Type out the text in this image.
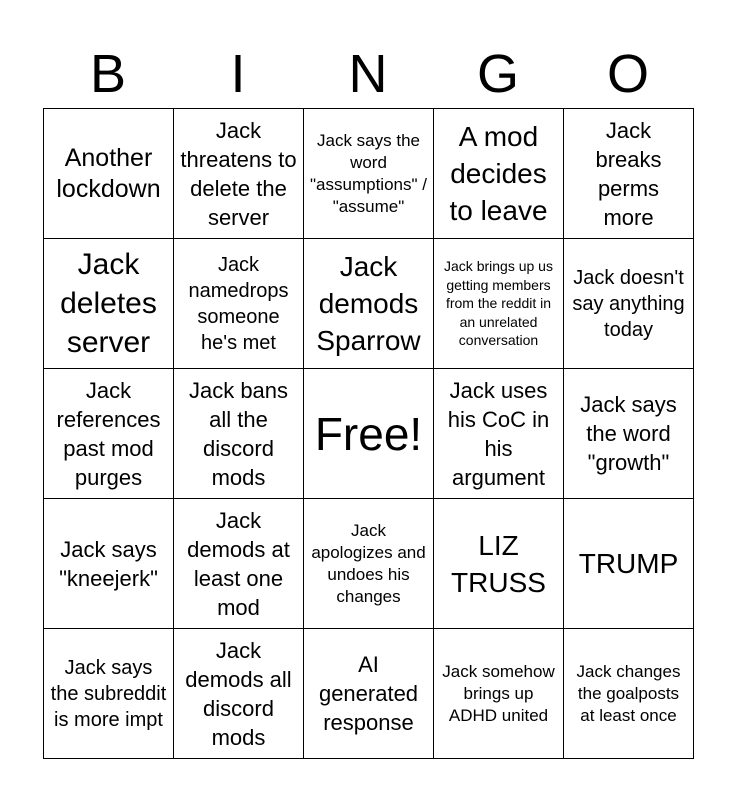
B	I	N	G	O
Another lockdown
Jack threatens to delete the server
Jack says the word "assumptions" / "assume"
A mod decides to leave
Jack breaks perms more
Jack deletes server
Jack namedrops someone he's met
Jack demods Sparrow
Jack brings up us getting members from the reddit in an unrelated conversation
Jack doesn't say anything today
Jack references past mod purges
Jack bans all the discord mods
Free!
Jack uses his CoC in his argument
Jack says the word "growth"
Jack says "kneejerk"
Jack demods at least one mod
Jack apologizes and undoes his changes
LIZ TRUSS
TRUMP
Jack says the subreddit is more impt
Jack demods all discord mods
AI generated response
Jack somehow brings up ADHD united
Jack changes the goalposts at least once
